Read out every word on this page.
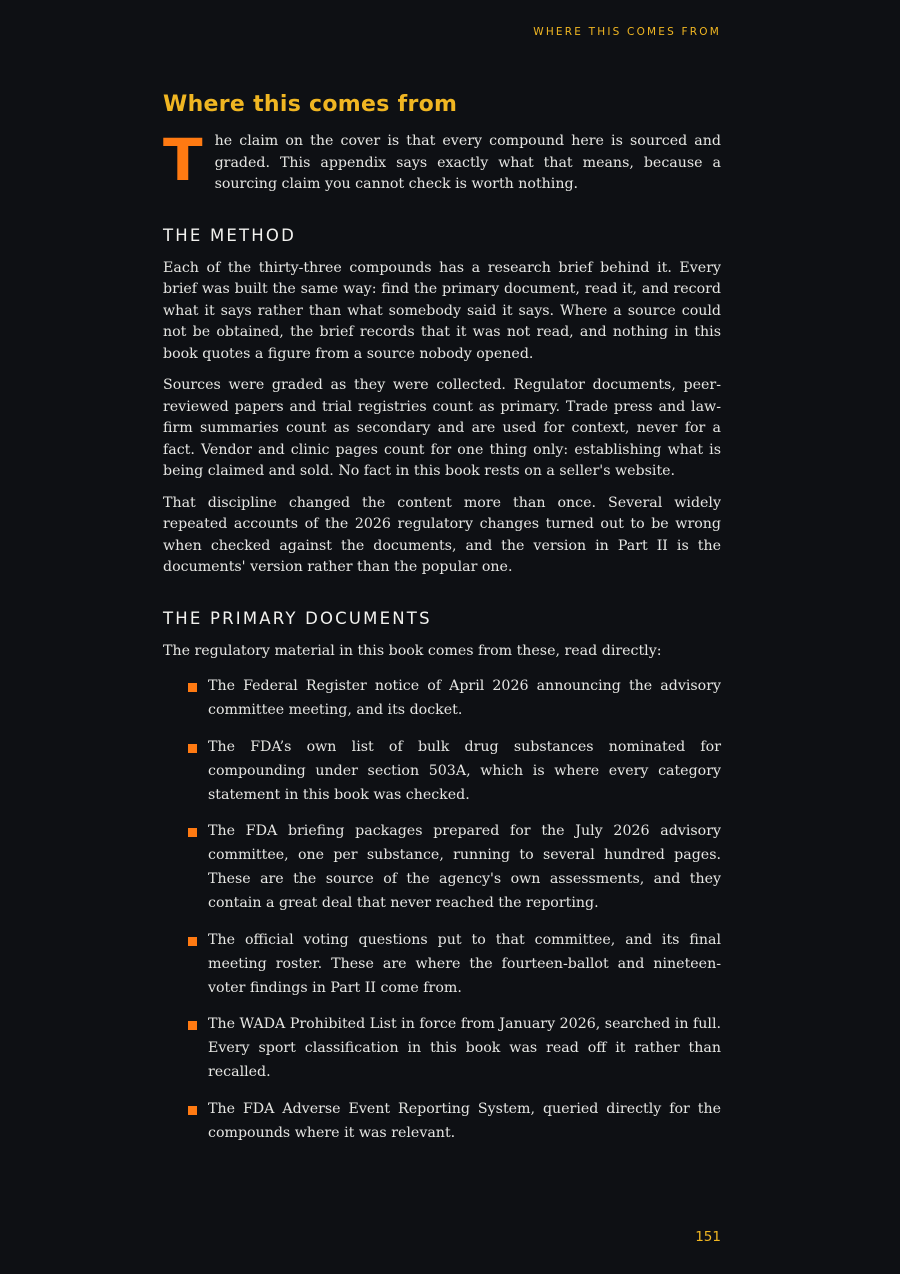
WHERE THIS COMES FROM
Where this comes from

The claim on the cover is that every compound here is sourced and graded. This appendix says exactly what that means, because a sourcing claim you cannot check is worth nothing.

THE METHOD

Each of the thirty-three compounds has a research brief behind it. Every brief was built the same way: find the primary document, read it, and record what it says rather than what somebody said it says. Where a source could not be obtained, the brief records that it was not read, and nothing in this book quotes a figure from a source nobody opened.

Sources were graded as they were collected. Regulator documents, peer-reviewed papers and trial registries count as primary. Trade press and law-firm summaries count as secondary and are used for context, never for a fact. Vendor and clinic pages count for one thing only: establishing what is being claimed and sold. No fact in this book rests on a seller's website.

That discipline changed the content more than once. Several widely repeated accounts of the 2026 regulatory changes turned out to be wrong when checked against the documents, and the version in Part II is the documents' version rather than the popular one.

THE PRIMARY DOCUMENTS

The regulatory material in this book comes from these, read directly:

The Federal Register notice of April 2026 announcing the advisory committee meeting, and its docket.
The FDA’s own list of bulk drug substances nominated for compounding under section 503A, which is where every category statement in this book was checked.
The FDA briefing packages prepared for the July 2026 advisory committee, one per substance, running to several hundred pages. These are the source of the agency's own assessments, and they contain a great deal that never reached the reporting.
The official voting questions put to that committee, and its final meeting roster. These are where the fourteen-ballot and nineteen-voter findings in Part II come from.
The WADA Prohibited List in force from January 2026, searched in full. Every sport classification in this book was read off it rather than recalled.
The FDA Adverse Event Reporting System, queried directly for the compounds where it was relevant.
151
